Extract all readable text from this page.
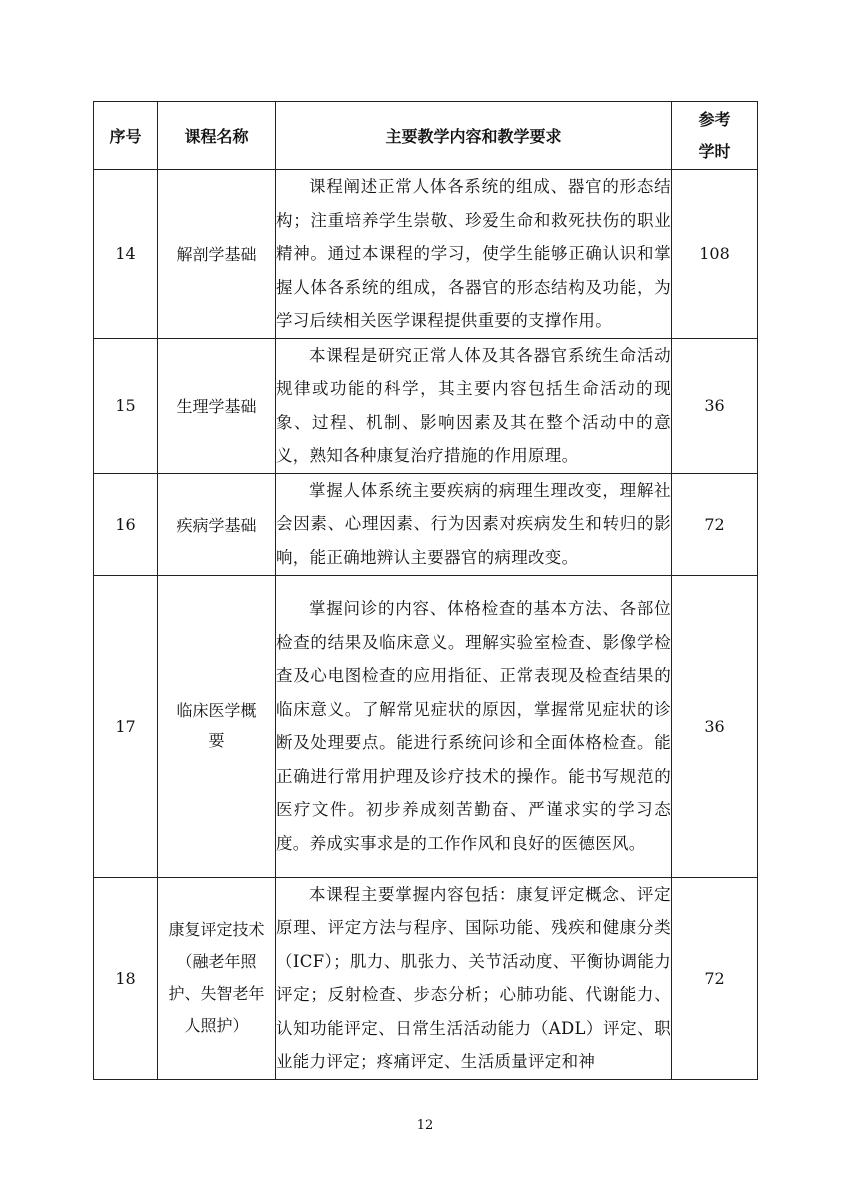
序号	课程名称	主要教学内容和教学要求	参考
学时
14	解剖学基础	课程阐述正常人体各系统的组成、器官的形态结构；注重培养学生崇敬、珍爱生命和救死扶伤的职业精神。通过本课程的学习，使学生能够正确认识和掌握人体各系统的组成，各器官的形态结构及功能，为学习后续相关医学课程提供重要的支撑作用。	108
15	生理学基础	本课程是研究正常人体及其各器官系统生命活动规律或功能的科学，其主要内容包括生命活动的现象、过程、机制、影响因素及其在整个活动中的意义，熟知各种康复治疗措施的作用原理。	36
16	疾病学基础	掌握人体系统主要疾病的病理生理改变，理解社会因素、心理因素、行为因素对疾病发生和转归的影响，能正确地辨认主要器官的病理改变。	72
17	临床医学概要	掌握问诊的内容、体格检查的基本方法、各部位检查的结果及临床意义。理解实验室检查、影像学检查及心电图检查的应用指征、正常表现及检查结果的临床意义。了解常见症状的原因，掌握常见症状的诊断及处理要点。能进行系统问诊和全面体格检查。能正确进行常用护理及诊疗技术的操作。能书写规范的医疗文件。初步养成刻苦勤奋、严谨求实的学习态度。养成实事求是的工作作风和良好的医德医风。	36
18	康复评定技术（融老年照护、失智老年人照护）	本课程主要掌握内容包括：康复评定概念、评定原理、评定方法与程序、国际功能、残疾和健康分类（ICF）；肌力、肌张力、关节活动度、平衡协调能力评定；反射检查、步态分析；心肺功能、代谢能力、认知功能评定、日常生活活动能力（ADL）评定、职业能力评定；疼痛评定、生活质量评定和神	72
12
